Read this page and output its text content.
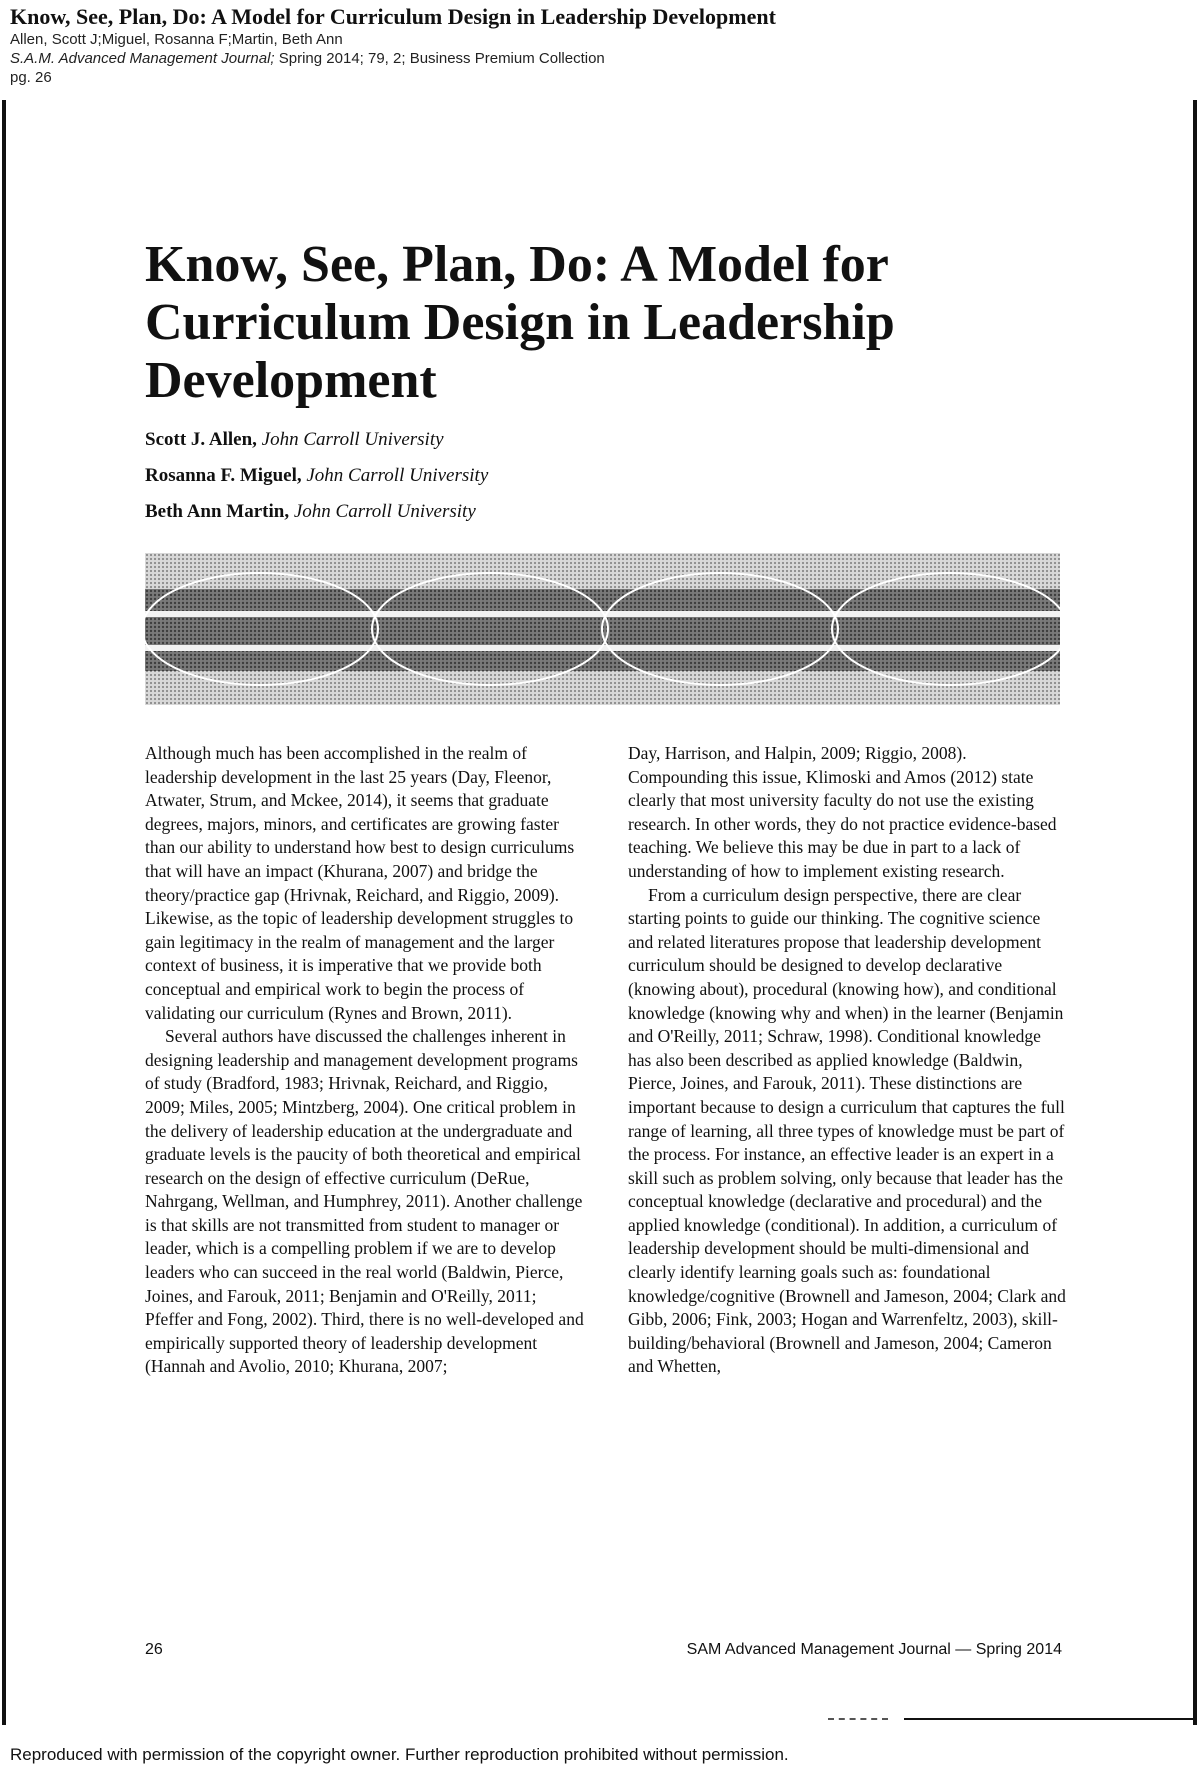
Know, See, Plan, Do: A Model for Curriculum Design in Leadership Development
Allen, Scott J;Miguel, Rosanna F;Martin, Beth Ann
S.A.M. Advanced Management Journal; Spring 2014; 79, 2; Business Premium Collection
pg. 26
Know, See, Plan, Do: A Model for
Curriculum Design in Leadership
Development
Scott J. Allen, John Carroll University
Rosanna F. Miguel, John Carroll University
Beth Ann Martin, John Carroll University

Although much has been accomplished in the realm of leadership development in the last 25 years (Day, Fleenor, Atwater, Strum, and Mckee, 2014), it seems that graduate degrees, majors, minors, and certificates are growing faster than our ability to understand how best to design curriculums that will have an impact (Khurana, 2007) and bridge the theory/practice gap (Hrivnak, Reichard, and Riggio, 2009). Likewise, as the topic of leadership development struggles to gain legitimacy in the realm of management and the larger context of business, it is imperative that we provide both conceptual and empirical work to begin the process of validating our curriculum (Rynes and Brown, 2011).

Several authors have discussed the challenges inherent in designing leadership and management development programs of study (Bradford, 1983; Hrivnak, Reichard, and Riggio, 2009; Miles, 2005; Mintzberg, 2004). One critical problem in the delivery of leadership education at the undergraduate and graduate levels is the paucity of both theoretical and empirical research on the design of effective curriculum (DeRue, Nahrgang, Wellman, and Humphrey, 2011). Another challenge is that skills are not transmitted from student to manager or leader, which is a compelling problem if we are to develop leaders who can succeed in the real world (Baldwin, Pierce, Joines, and Farouk, 2011; Benjamin and O'Reilly, 2011; Pfeffer and Fong, 2002). Third, there is no well-developed and empirically supported theory of leadership development (Hannah and Avolio, 2010; Khurana, 2007;

Day, Harrison, and Halpin, 2009; Riggio, 2008). Compounding this issue, Klimoski and Amos (2012) state clearly that most university faculty do not use the existing research. In other words, they do not practice evidence-based teaching. We believe this may be due in part to a lack of understanding of how to implement existing research.

From a curriculum design perspective, there are clear starting points to guide our thinking. The cognitive science and related literatures propose that leadership development curriculum should be designed to develop declarative (knowing about), procedural (knowing how), and conditional knowledge (knowing why and when) in the learner (Benjamin and O'Reilly, 2011; Schraw, 1998). Conditional knowledge has also been described as applied knowledge (Baldwin, Pierce, Joines, and Farouk, 2011). These distinctions are important because to design a curriculum that captures the full range of learning, all three types of knowledge must be part of the process. For instance, an effective leader is an expert in a skill such as problem solving, only because that leader has the conceptual knowledge (declarative and procedural) and the applied knowledge (conditional). In addition, a curriculum of leadership development should be multi-dimensional and clearly identify learning goals such as: foundational knowledge/cognitive (Brownell and Jameson, 2004; Clark and Gibb, 2006; Fink, 2003; Hogan and Warrenfeltz, 2003), skill-building/behavioral (Brownell and Jameson, 2004; Cameron and Whetten,

26	SAM Advanced Management Journal — Spring 2014
Reproduced with permission of the copyright owner. Further reproduction prohibited without permission.
